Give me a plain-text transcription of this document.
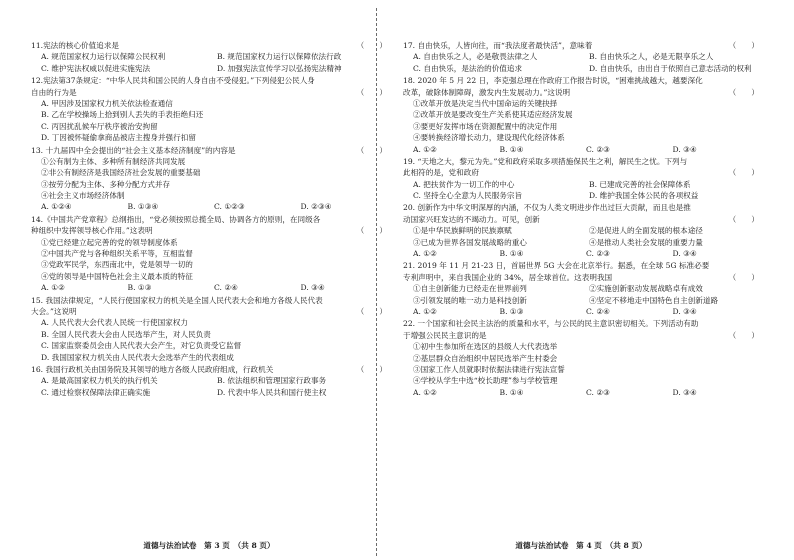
11.宪法的核心价值追求是	（　　）
A. 规范国家权力运行以保障公民权利	B. 规范国家权力运行以保障依法行政
C. 维护宪法权威以促进实施宪法	D. 加强宪法宣传学习以弘扬宪法精神

12.宪法第37条规定：“中华人民共和国公民的人身自由不受侵犯。”下列侵犯公民人身

自由的行为是	（　　）

A. 甲因涉及国家权力机关依法检查通信

B. 乙在学校操场上拾到别人丢失的手表拒绝归还

C. 丙因扰乱候车厅秩序被治安拘留

D. 丁因被怀疑偷拿商品被店主搜身并强行扣留

13. 十九届四中全会提出的“社会主义基本经济制度”的内容是	（　　）

①公有制为主体、多种所有制经济共同发展

②非公有制经济是我国经济社会发展的重要基础

③按劳分配为主体、多种分配方式并存

④社会主义市场经济体制

A. ①②④	B. ①③④	C. ①②③	D. ②③④

14.《中国共产党章程》总纲指出，“党必须按照总揽全局、协调各方的原则，在同级各

种组织中发挥领导核心作用。”这表明	（　　）

①党已经建立起完善的党的领导制度体系

②中国共产党与各种组织关系平等，互相监督

③党政军民学，东西南北中，党是领导一切的

④党的领导是中国特色社会主义最本质的特征

A. ①②	B. ①③	C. ②④	D. ③④

15. 我国法律规定，“人民行使国家权力的机关是全国人民代表大会和地方各级人民代表

大会。”这说明	（　　）

A. 人民代表大会代表人民统一行使国家权力

B. 全国人民代表大会由人民选举产生，对人民负责

C. 国家监察委员会由人民代表大会产生，对它负责受它监督

D. 我国国家权力机关由人民代表大会选举产生的代表组成

16. 我国行政机关由国务院及其领导的地方各级人民政府组成，行政机关	（　　）
A. 是最高国家权力机关的执行机关	B. 依法组织和管理国家行政事务
C. 通过检察权保障法律正确实施	D. 代表中华人民共和国行使主权

17. 自由快乐，人皆向往，而“我法度者最快活”，意味着	（　　）
A. 自由快乐之人，必是敬畏法律之人	B. 自由快乐之人，必是无限享乐之人
C. 自由快乐，是法治的价值追求	D. 自由快乐，由出自于依照自己意志活动的权利

18. 2020 年 5 月 22 日，李克强总理在作政府工作报告时说，“困难挑战越大，越要深化

改革，破除体制障碍，激发内生发展动力。”这说明	（　　）

①改革开放是决定当代中国命运的关键抉择

②改革开放是要改变生产关系使其适应经济发展

③要更好发挥市场在资源配置中的决定作用

④要转换经济增长动力，建设现代化经济体系

A. ①②	B. ①④	C. ②③	D. ③④

19. “天地之大，黎元为先。”党和政府采取多项措施保民生之利，解民生之忧。下列与

此相符的是，党和政府	（　　）
A. 把扶贫作为一切工作的中心	B. 已建成完善的社会保障体系
C. 坚持全心全意为人民服务宗旨	D. 维护我国全体公民的各项权益

20. 创新作为中华文明深厚的内涵，不仅为人类文明进步作出过巨大贡献，而且也是推

动国家兴旺发达的不竭动力。可见，创新	（　　）
①是中华民族鲜明的民族禀赋	②是促进人的全面发展的根本途径
③已成为世界各国发展战略的重心	④是推动人类社会发展的重要力量
A. ①②	B. ①④	C. ②③	D. ③④

21. 2019 年 11 月 21-23 日，首届世界 5G 大会在北京举行。据悉，在全球 5G 标准必要

专利声明中，来自我国企业的 34%，居全球首位。这表明我国	（　　）
①自主创新能力已经走在世界前列	②实施创新驱动发展战略卓有成效
③引领发展的唯一动力是科技创新	④坚定不移地走中国特色自主创新道路
A. ①②	B. ①③	C. ②④	D. ③④

22. 一个国家和社会民主法治的质量和水平，与公民的民主意识密切相关。下列活动有助

于增强公民民主意识的是	（　　）

①初中生参加所在选区的县级人大代表选举

②基层群众自治组织中居民选举产生村委会

③国家工作人员就职时依据法律进行宪法宣誓

④学校从学生中选“校长助理”参与学校管理

A. ①②	B. ①④	C. ②③	D. ③④
道德与法治试卷　第 3 页　（共 8 页）	道德与法治试卷　第 4 页　（共 8 页）
